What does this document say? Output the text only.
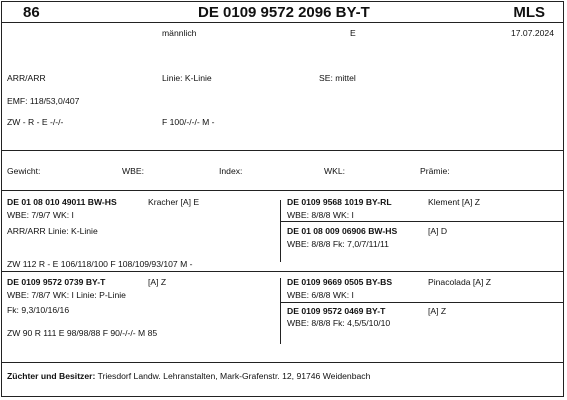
86	DE 0109 9572 2096 BY-T	MLS
männlich	E	17.07.2024
ARR/ARR	Linie: K-Linie	SE: mittel
EMF: 118/53,0/407
ZW - R - E -/-/-	F 100/-/-/- M -
Gewicht:	WBE:	Index:	WKL:	Prämie:
DE 01 08 010 49011 BW-HS	Kracher [A] E
WBE: 7/9/7 WK: I
ARR/ARR Linie: K-Linie
ZW 112 R - E 106/118/100 F 108/109/93/107 M -
DE 0109 9568 1019 BY-RL	Klement [A] Z
WBE: 8/8/8 WK: I
DE 01 08 009 06906 BW-HS	[A] D
WBE: 8/8/8 Fk: 7,0/7/11/11
DE 0109 9572 0739 BY-T	[A] Z
WBE: 7/8/7 WK: I Linie: P-Linie
Fk: 9,3/10/16/16
ZW 90 R 111 E 98/98/88 F 90/-/-/- M 85
DE 0109 9669 0505 BY-BS	Pinacolada [A] Z
WBE: 6/8/8 WK: I
DE 0109 9572 0469 BY-T	[A] Z
WBE: 8/8/8 Fk: 4,5/5/10/10
Züchter und Besitzer: Triesdorf Landw. Lehranstalten, Mark-Grafenstr. 12, 91746 Weidenbach
